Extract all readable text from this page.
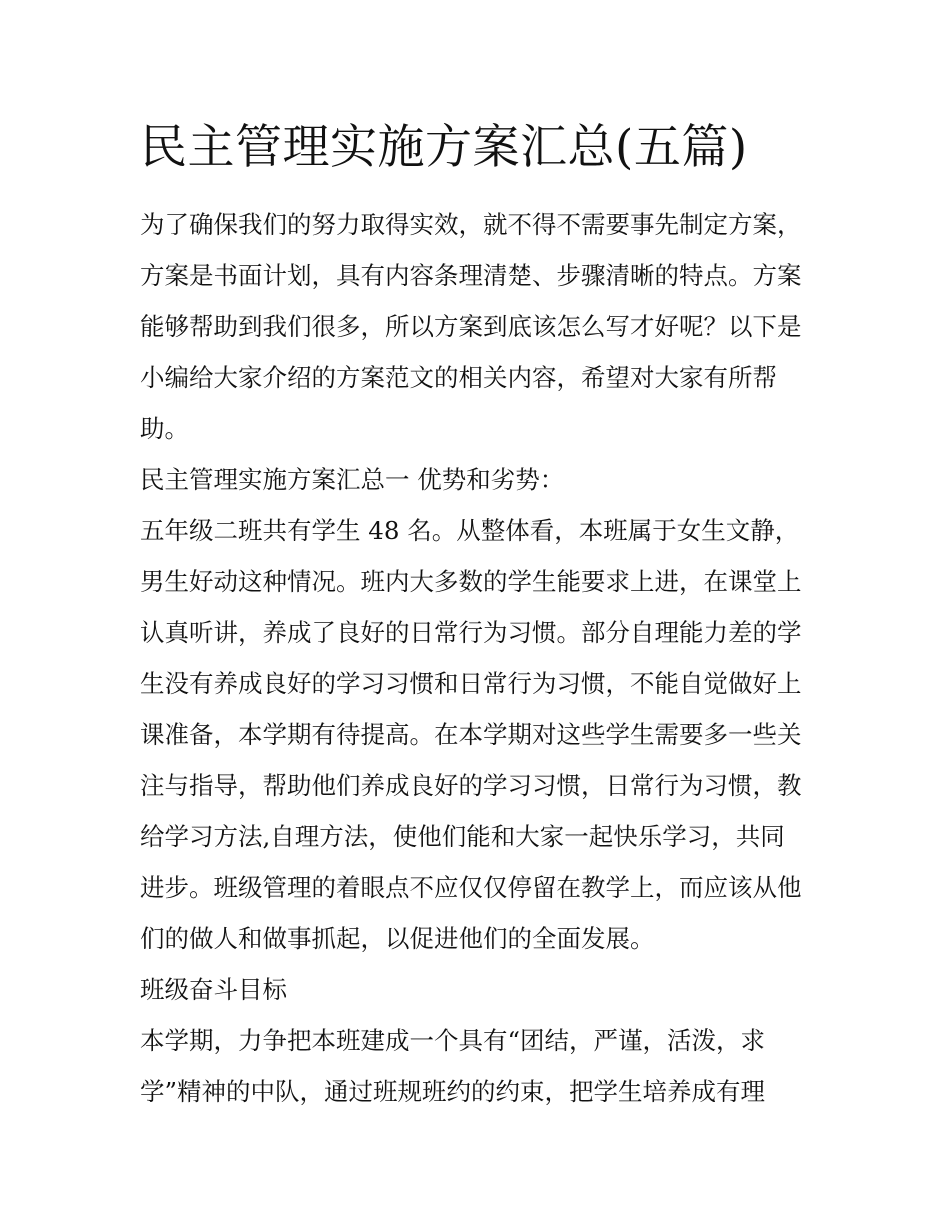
民主管理实施方案汇总(五篇)
为了确保我们的努力取得实效，就不得不需要事先制定方案，
方案是书面计划，具有内容条理清楚、步骤清晰的特点。方案
能够帮助到我们很多，所以方案到底该怎么写才好呢？以下是
小编给大家介绍的方案范文的相关内容，希望对大家有所帮
助。
民主管理实施方案汇总一 优势和劣势：
五年级二班共有学生 48 名。从整体看，本班属于女生文静，
男生好动这种情况。班内大多数的学生能要求上进，在课堂上
认真听讲，养成了良好的日常行为习惯。部分自理能力差的学
生没有养成良好的学习习惯和日常行为习惯，不能自觉做好上
课准备，本学期有待提高。在本学期对这些学生需要多一些关
注与指导，帮助他们养成良好的学习习惯，日常行为习惯，教
给学习方法,自理方法，使他们能和大家一起快乐学习，共同
进步。班级管理的着眼点不应仅仅停留在教学上，而应该从他
们的做人和做事抓起，以促进他们的全面发展。
班级奋斗目标
本学期，力争把本班建成一个具有“团结，严谨，活泼，求
学”精神的中队，通过班规班约的约束，把学生培养成有理
